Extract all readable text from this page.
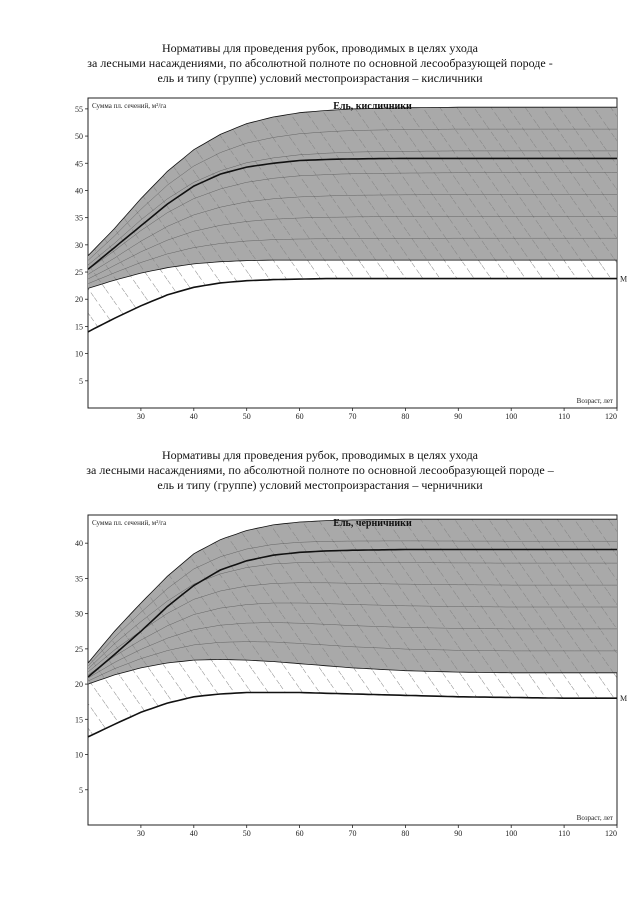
Нормативы для проведения рубок, проводимых в целях ухода
за лесными насаждениями, по абсолютной полноте по основной лесообразующей породе -
ель и типу (группе) условий местопроизрастания – кисличники
M
5
10
15
20
25
30
35
40
45
50
55
30	40	50	60	70	80	90	100	110	120
Ель, кисличники
Сумма пл. сечений, м²/га
Возраст, лет
Нормативы для проведения рубок, проводимых в целях ухода
за лесными насаждениями, по абсолютной полноте по основной лесообразующей породе –
ель и типу (группе) условий местопроизрастания – черничники
M
5
10
15
20
25
30
35
40
30	40	50	60	70	80	90	100	110	120
Ель, черничники
Сумма пл. сечений, м²/га
Возраст, лет
